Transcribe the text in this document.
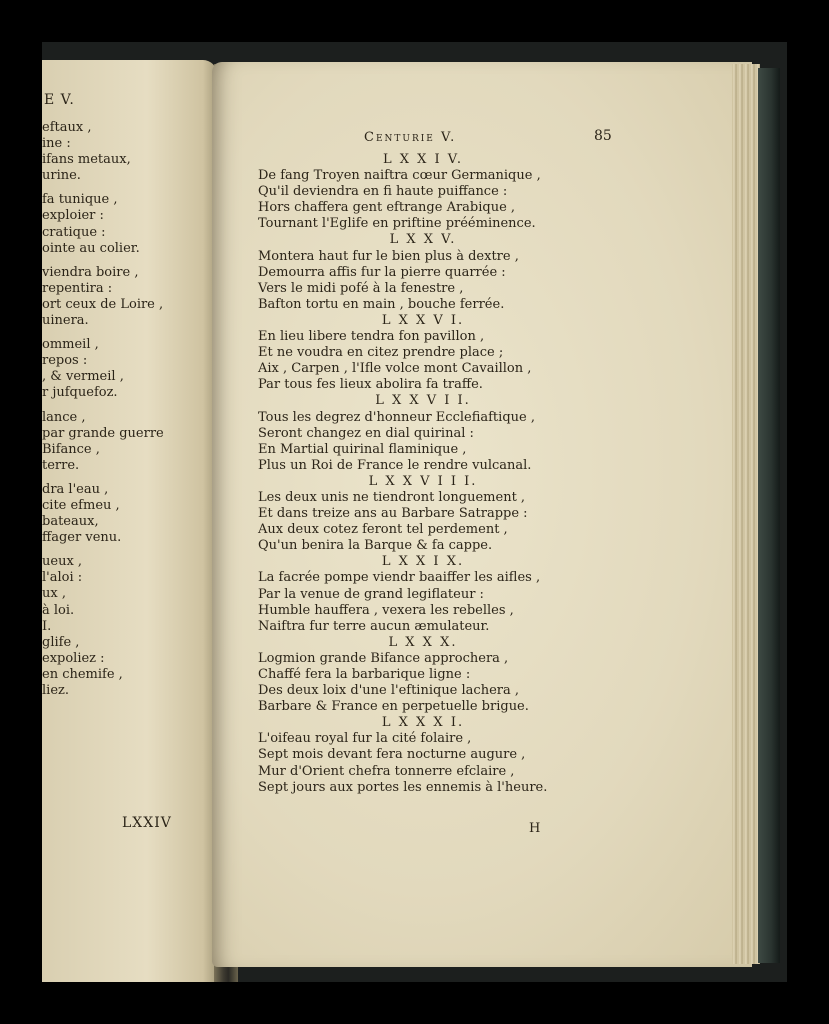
E V.
eftaux ,
ine :
ifans metaux,
urine.
fa tunique ,
exploier :
cratique :
ointe au colier.
viendra boire ,
repentira :
ort ceux de Loire ,
uinera.
ommeil ,
repos :
, & vermeil ,
r jufquefoz.
lance ,
par grande guerre
Bifance ,
terre.
dra l'eau ,
cite efmeu ,
bateaux,
ffager venu.
ueux ,
l'aloi :
ux ,
à loi.
I.
glife ,
expoliez :
en chemife ,
liez.
LXXIV
Centurie V.	85
L X X I V.
De fang Troyen naiftra cœur Germanique ,
Qu'il deviendra en fi haute puiffance :
Hors chaffera gent eftrange Arabique ,
Tournant l'Eglife en priftine prééminence.
L X X V.
Montera haut fur le bien plus à dextre ,
Demourra affis fur la pierre quarrée :
Vers le midi pofé à la fenestre ,
Bafton tortu en main , bouche ferrée.
L X X V I.
En lieu libere tendra fon pavillon ,
Et ne voudra en citez prendre place ;
Aix , Carpen , l'Ifle volce mont Cavaillon ,
Par tous fes lieux abolira fa traffe.
L X X V I I.
Tous les degrez d'honneur Ecclefiaftique ,
Seront changez en dial quirinal :
En Martial quirinal flaminique ,
Plus un Roi de France le rendre vulcanal.
L X X V I I I.
Les deux unis ne tiendront longuement ,
Et dans treize ans au Barbare Satrappe :
Aux deux cotez feront tel perdement ,
Qu'un benira la Barque & fa cappe.
L X X I X.
La facrée pompe viendr baaiffer les aifles ,
Par la venue de grand legiflateur :
Humble hauffera , vexera les rebelles ,
Naiftra fur terre aucun æmulateur.
L X X X.
Logmion grande Bifance approchera ,
Chaffé fera la barbarique ligne :
Des deux loix d'une l'eftinique lachera ,
Barbare & France en perpetuelle brigue.
L X X X I.
L'oifeau royal fur la cité folaire ,
Sept mois devant fera nocturne augure ,
Mur d'Orient chefra tonnerre efclaire ,
Sept jours aux portes les ennemis à l'heure.
H
